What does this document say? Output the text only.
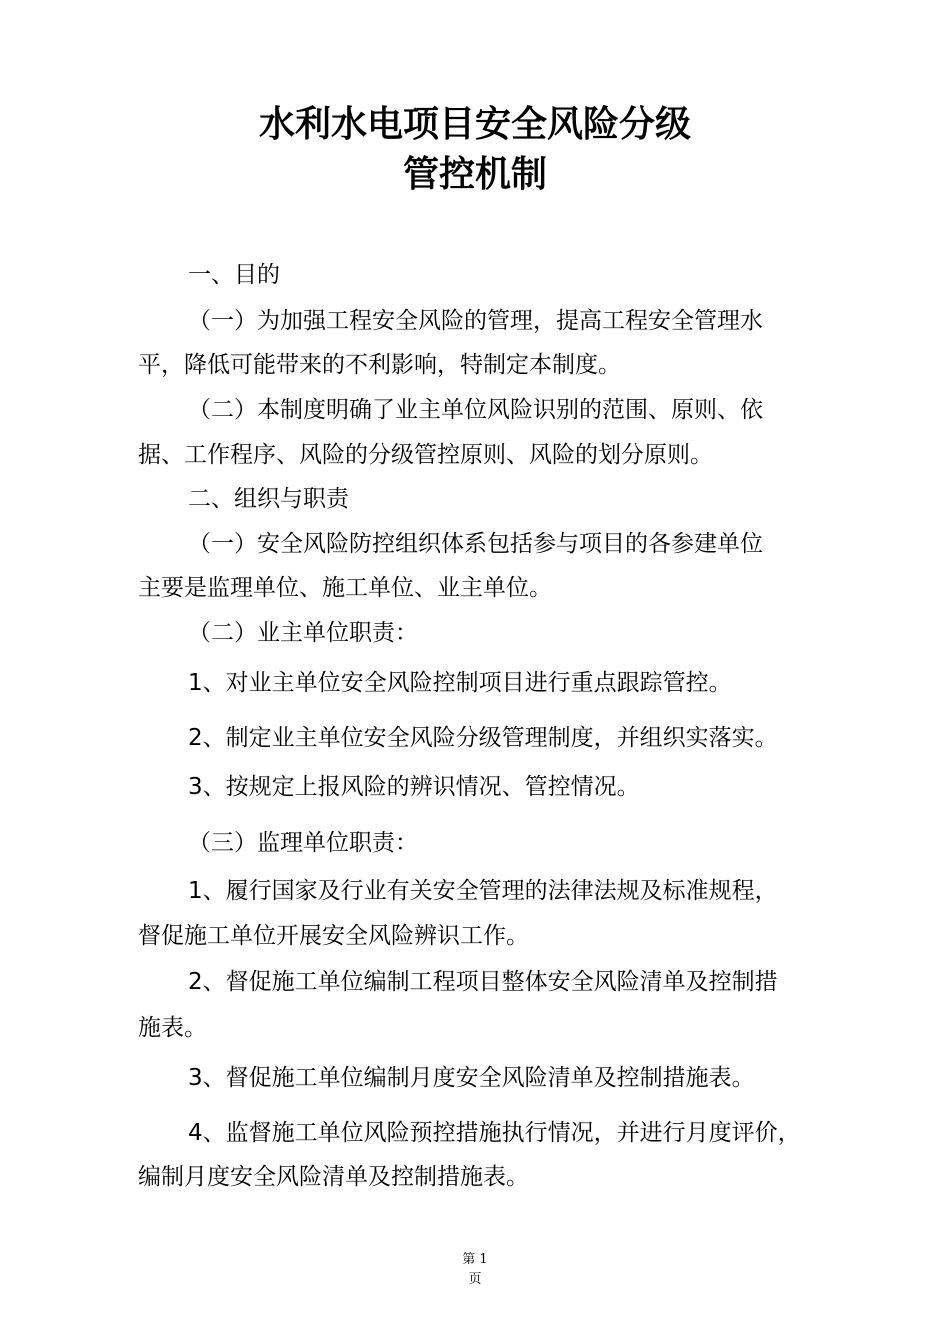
水利水电项目安全风险分级
管控机制
一、目的
（一）为加强工程安全风险的管理，提高工程安全管理水
平，降低可能带来的不利影响，特制定本制度。
（二）本制度明确了业主单位风险识别的范围、原则、依
据、工作程序、风险的分级管控原则、风险的划分原则。
二、组织与职责
（一）安全风险防控组织体系包括参与项目的各参建单位
主要是监理单位、施工单位、业主单位。
（二）业主单位职责：
1、对业主单位安全风险控制项目进行重点跟踪管控。
2、制定业主单位安全风险分级管理制度，并组织实落实。
3、按规定上报风险的辨识情况、管控情况。
（三）监理单位职责：
1、履行国家及行业有关安全管理的法律法规及标准规程，
督促施工单位开展安全风险辨识工作。
2、督促施工单位编制工程项目整体安全风险清单及控制措
施表。
3、督促施工单位编制月度安全风险清单及控制措施表。
4、监督施工单位风险预控措施执行情况，并进行月度评价，
编制月度安全风险清单及控制措施表。
第 1
页
